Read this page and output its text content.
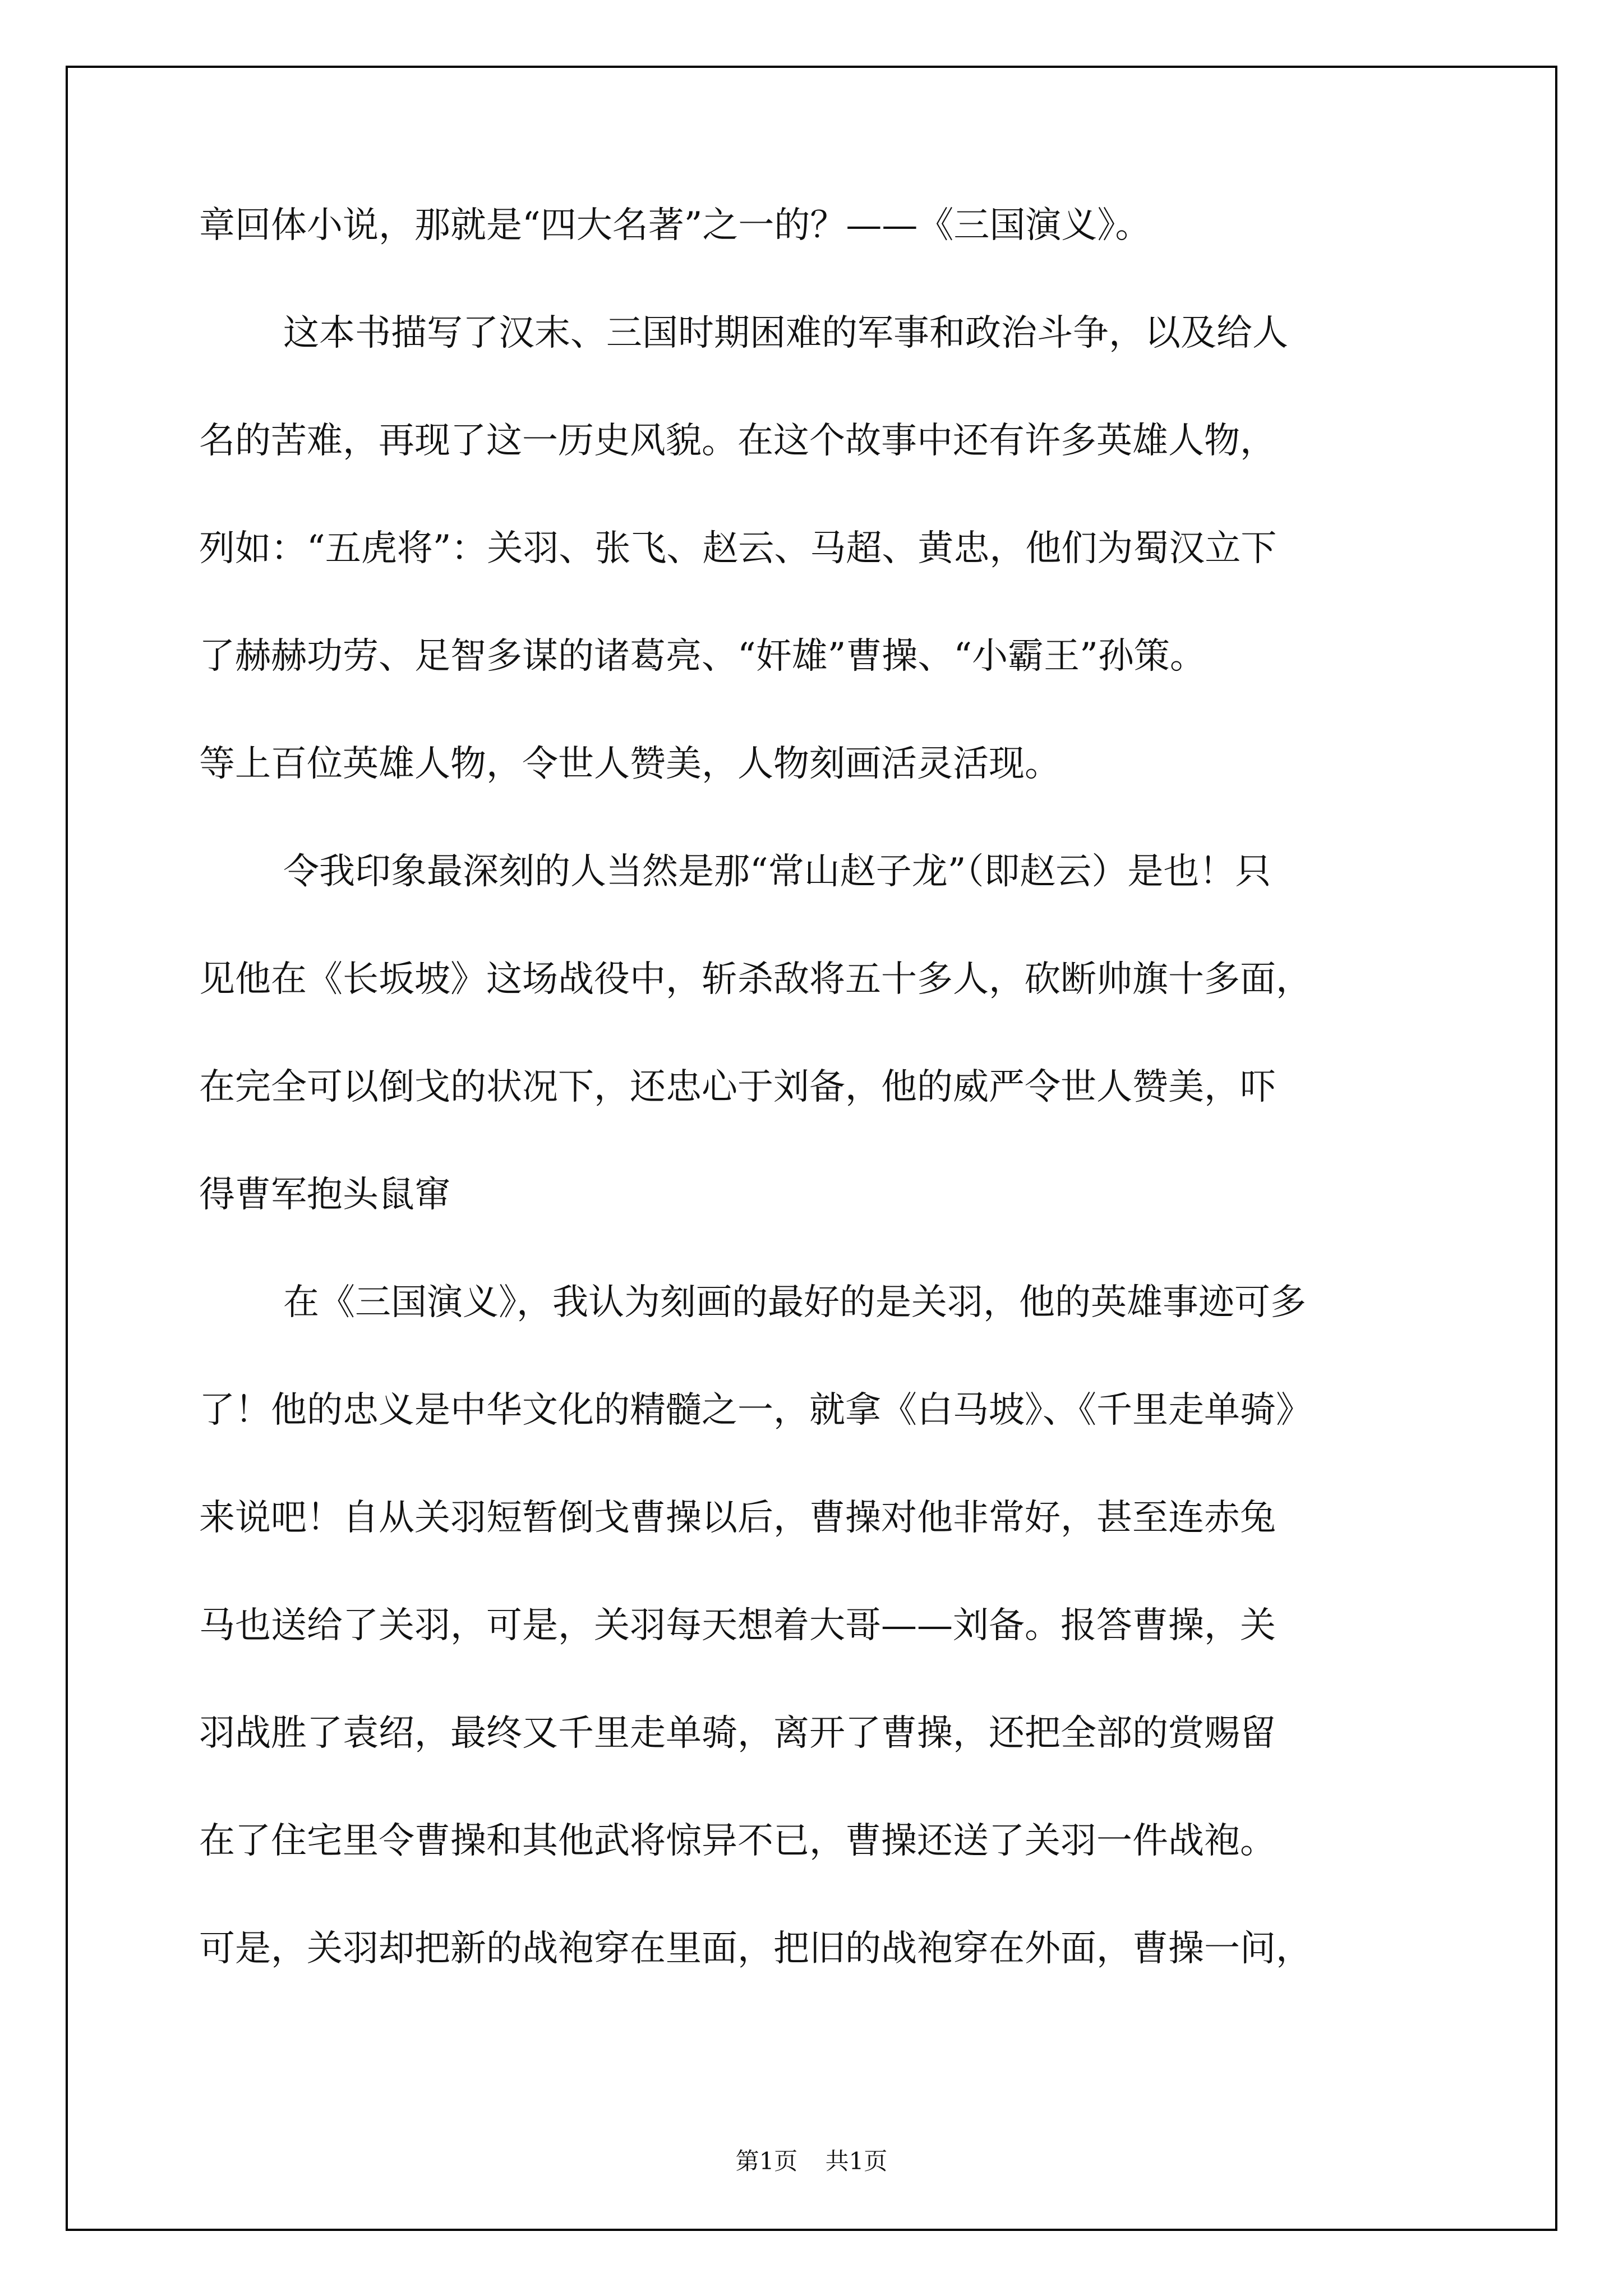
章回体小说，那就是“四大名著”之一的？——《三国演义》。
这本书描写了汉末、三国时期困难的军事和政治斗争，以及给人
名的苦难，再现了这一历史风貌。在这个故事中还有许多英雄人物，
列如：“五虎将”：关羽、张飞、赵云、马超、黄忠，他们为蜀汉立下
了赫赫功劳、足智多谋的诸葛亮、“奸雄”曹操、“小霸王”孙策。
等上百位英雄人物，令世人赞美，人物刻画活灵活现。
令我印象最深刻的人当然是那“常山赵子龙”（即赵云）是也！只
见他在《长坂坡》这场战役中，斩杀敌将五十多人，砍断帅旗十多面，
在完全可以倒戈的状况下，还忠心于刘备，他的威严令世人赞美，吓
得曹军抱头鼠窜
在《三国演义》，我认为刻画的最好的是关羽，他的英雄事迹可多
了！他的忠义是中华文化的精髓之一，就拿《白马坡》、《千里走单骑》
来说吧！自从关羽短暂倒戈曹操以后，曹操对他非常好，甚至连赤兔
马也送给了关羽，可是，关羽每天想着大哥——刘备。报答曹操，关
羽战胜了袁绍，最终又千里走单骑，离开了曹操，还把全部的赏赐留
在了住宅里令曹操和其他武将惊异不已，曹操还送了关羽一件战袍。
可是，关羽却把新的战袍穿在里面，把旧的战袍穿在外面，曹操一问，
第1页 共1页
